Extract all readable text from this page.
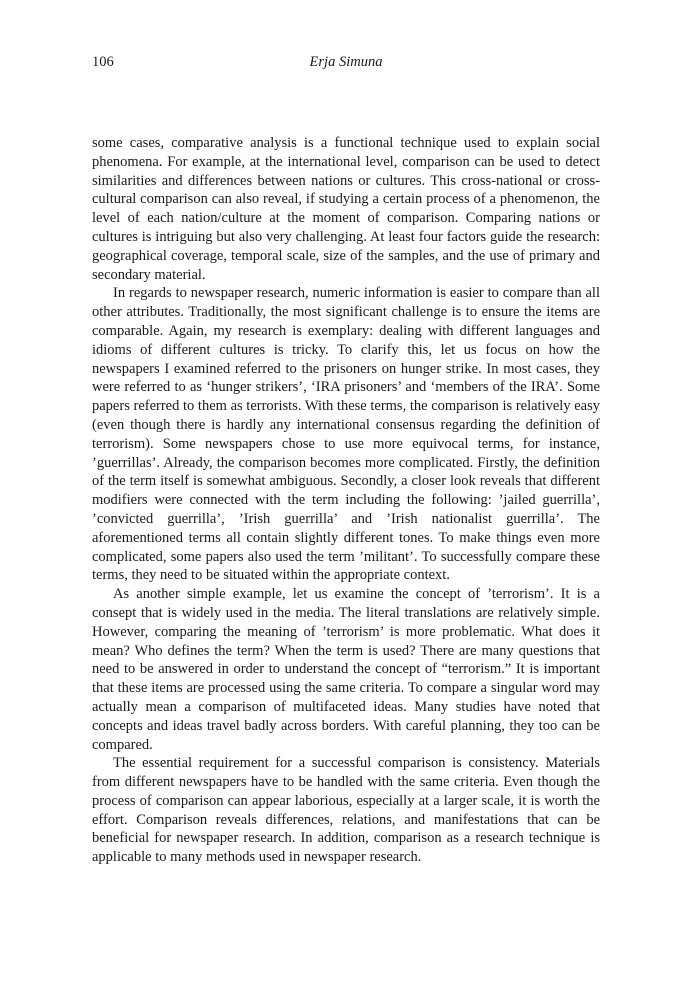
106	Erja Simuna

some cases, comparative analysis is a functional technique used to explain social phenomena. For example, at the international level, comparison can be used to detect similarities and differences between nations or cultures. This cross-national or cross-cultural comparison can also reveal, if studying a certain process of a phenomenon, the level of each nation/culture at the moment of comparison. Comparing nations or cultures is intriguing but also very challenging. At least four factors guide the research: geographical coverage, temporal scale, size of the samples, and the use of primary and secondary material.

In regards to newspaper research, numeric information is easier to compare than all other attributes. Traditionally, the most significant challenge is to ensure the items are comparable. Again, my research is exemplary: dealing with different languages and idioms of different cultures is tricky. To clarify this, let us focus on how the newspapers I examined referred to the prisoners on hunger strike. In most cases, they were referred to as ‘hunger strikers’, ‘IRA prisoners’ and ‘members of the IRA’. Some papers referred to them as terrorists. With these terms, the comparison is relatively easy (even though there is hardly any international consensus regarding the definition of terrorism). Some newspapers chose to use more equivocal terms, for instance, ’guerrillas’. Already, the comparison becomes more complicated. Firstly, the definition of the term itself is somewhat ambiguous. Secondly, a closer look reveals that different modifiers were connected with the term including the following: ’jailed guerrilla’, ’convicted guerrilla’, ’Irish guerrilla’ and ’Irish nationalist guerrilla’. The aforementioned terms all contain slightly different tones. To make things even more complicated, some papers also used the term ’militant’. To successfully compare these terms, they need to be situated within the appropriate context.

As another simple example, let us examine the concept of ’terrorism’. It is a consept that is widely used in the media. The literal translations are relatively simple. However, comparing the meaning of ’terrorism’ is more problematic. What does it mean? Who defines the term? When the term is used? There are many questions that need to be answered in order to understand the concept of “terrorism.” It is important that these items are processed using the same criteria. To compare a singular word may actually mean a comparison of multifaceted ideas. Many studies have noted that concepts and ideas travel badly across borders. With careful planning, they too can be compared.

The essential requirement for a successful comparison is consistency. Materials from different newspapers have to be handled with the same criteria. Even though the process of comparison can appear laborious, especially at a larger scale, it is worth the effort. Comparison reveals differences, relations, and manifestations that can be beneficial for newspaper research. In addition, comparison as a research technique is applicable to many methods used in newspaper research.
